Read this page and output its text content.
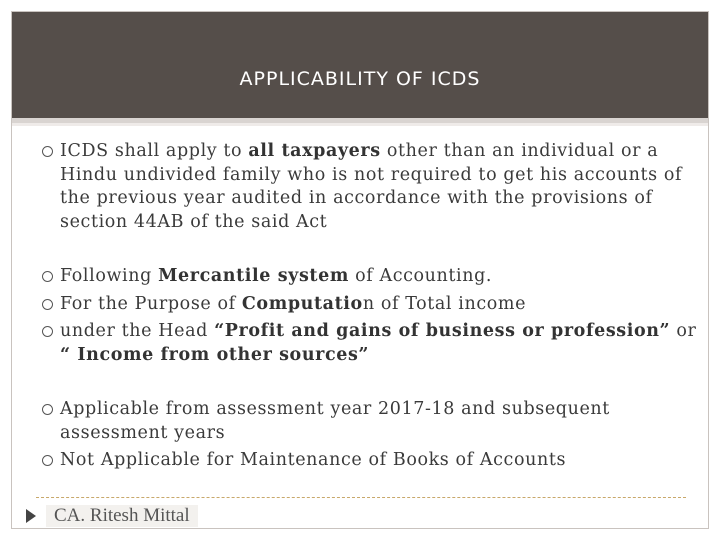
APPLICABILITY OF ICDS
ICDS shall apply to all taxpayers other than an individual or a Hindu undivided family who is not required to get his accounts of the previous year audited in accordance with the provisions of section 44AB of the said Act
Following Mercantile system of Accounting.
For the Purpose of Computation of Total income
under the Head “Profit and gains of business or profession” or “ Income from other sources”
Applicable from assessment year 2017-18 and subsequent assessment years
Not Applicable for Maintenance of Books of Accounts
CA. Ritesh Mittal
